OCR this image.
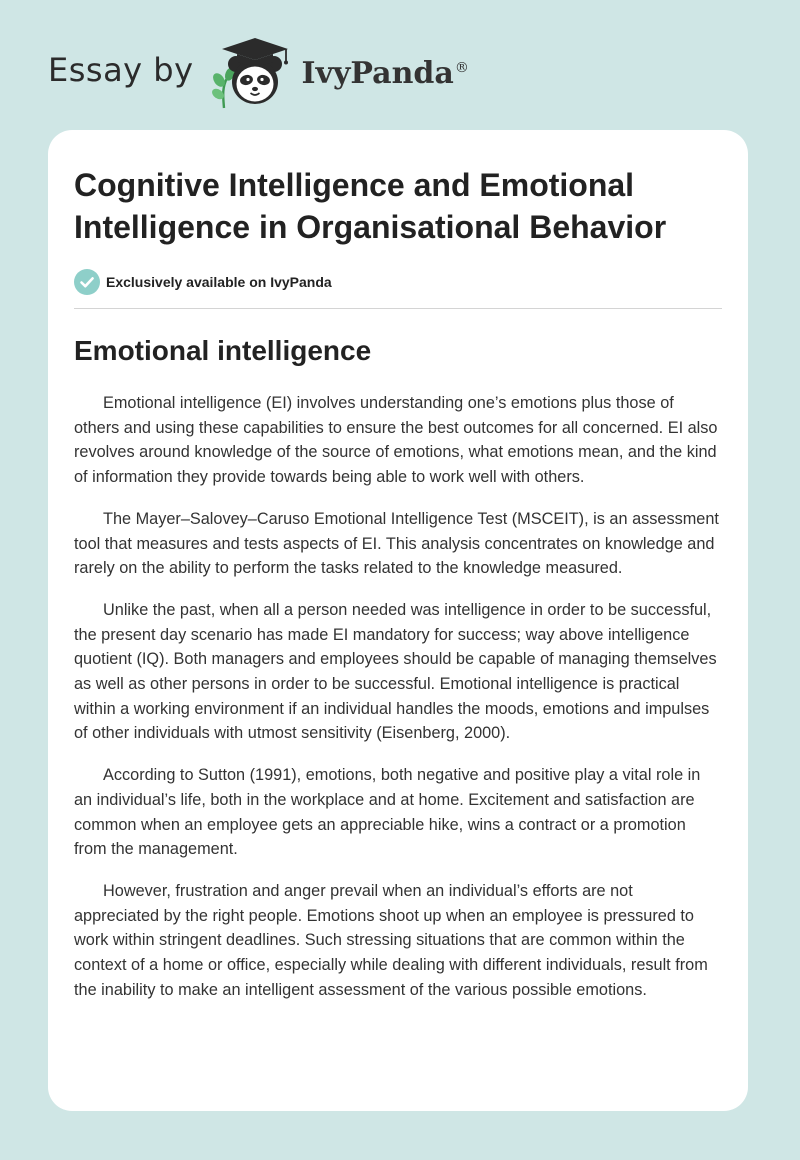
Essay by	IvyPanda®
Cognitive Intelligence and Emotional Intelligence in Organisational Behavior
Exclusively available on IvyPanda
Emotional intelligence

Emotional intelligence (EI) involves understanding one’s emotions plus those of others and using these capabilities to ensure the best outcomes for all concerned. EI also revolves around knowledge of the source of emotions, what emotions mean, and the kind of information they provide towards being able to work well with others.

The Mayer–Salovey–Caruso Emotional Intelligence Test (MSCEIT), is an assessment tool that measures and tests aspects of EI. This analysis concentrates on knowledge and rarely on the ability to perform the tasks related to the knowledge measured.

Unlike the past, when all a person needed was intelligence in order to be successful, the present day scenario has made EI mandatory for success; way above intelligence quotient (IQ). Both managers and employees should be capable of managing themselves as well as other persons in order to be successful. Emotional intelligence is practical within a working environment if an individual handles the moods, emotions and impulses of other individuals with utmost sensitivity (Eisenberg, 2000).

According to Sutton (1991), emotions, both negative and positive play a vital role in an individual’s life, both in the workplace and at home. Excitement and satisfaction are common when an employee gets an appreciable hike, wins a contract or a promotion from the management.

However, frustration and anger prevail when an individual’s efforts are not appreciated by the right people. Emotions shoot up when an employee is pressured to work within stringent deadlines. Such stressing situations that are common within the context of a home or office, especially while dealing with different individuals, result from the inability to make an intelligent assessment of the various possible emotions.
